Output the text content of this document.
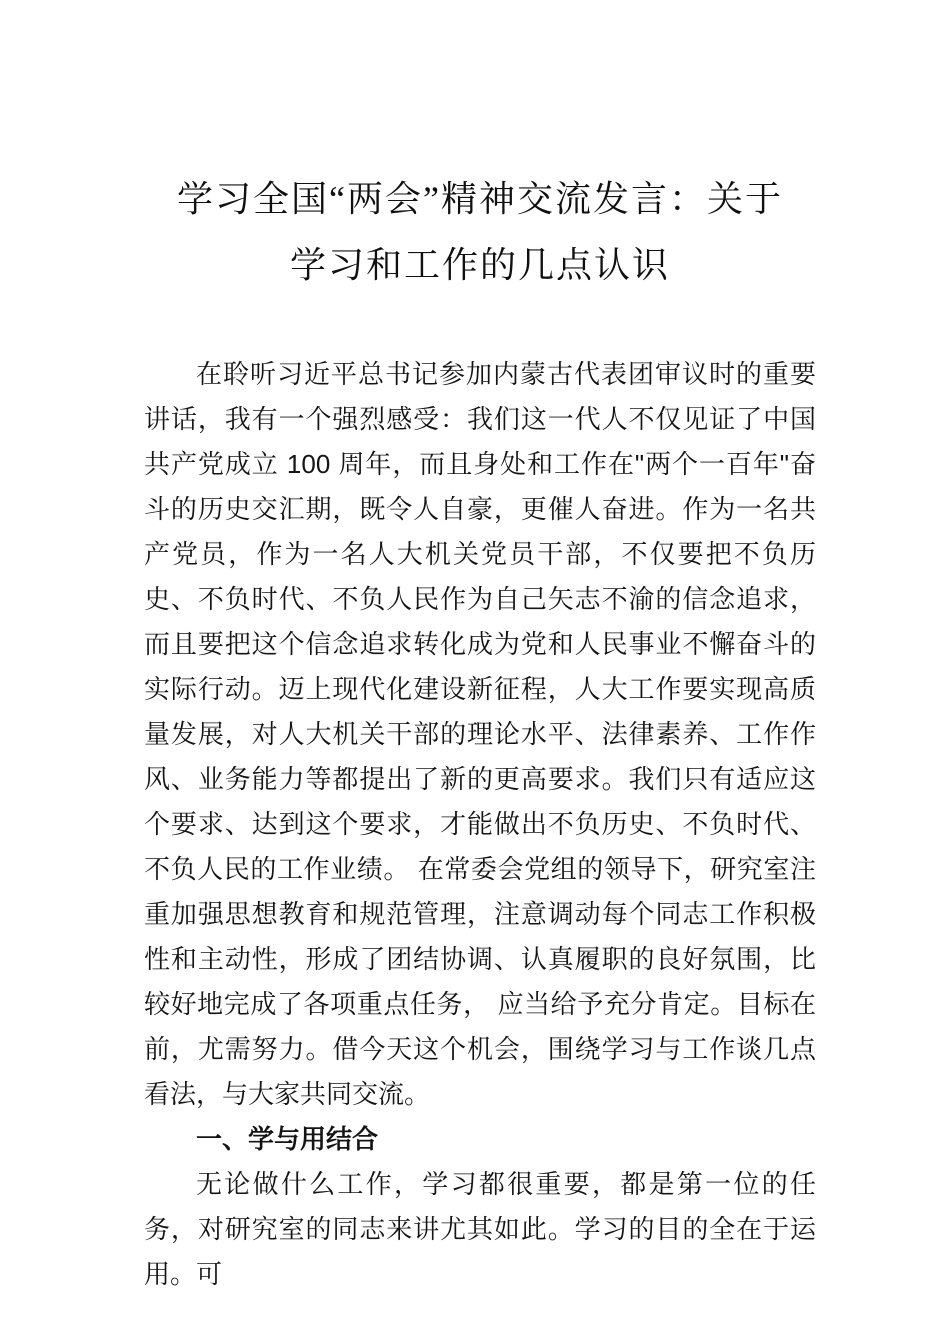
学习全国“两会”精神交流发言：关于
学习和工作的几点认识

在聆听习近平总书记参加内蒙古代表团审议时的重要讲话，我有一个强烈感受：我们这一代人不仅见证了中国共产党成立 100 周年，而且身处和工作在"两个一百年"奋斗的历史交汇期，既令人自豪，更催人奋进。作为一名共产党员，作为一名人大机关党员干部，不仅要把不负历史、不负时代、不负人民作为自己矢志不渝的信念追求，而且要把这个信念追求转化成为党和人民事业不懈奋斗的实际行动。迈上现代化建设新征程，人大工作要实现高质量发展，对人大机关干部的理论水平、法律素养、工作作风、业务能力等都提出了新的更高要求。我们只有适应这个要求、达到这个要求，才能做出不负历史、不负时代、不负人民的工作业绩。 在常委会党组的领导下，研究室注重加强思想教育和规范管理，注意调动每个同志工作积极性和主动性，形成了团结协调、认真履职的良好氛围，比较好地完成了各项重点任务， 应当给予充分肯定。目标在前，尤需努力。借今天这个机会，围绕学习与工作谈几点看法，与大家共同交流。

一、学与用结合

无论做什么工作，学习都很重要，都是第一位的任务，对研究室的同志来讲尤其如此。学习的目的全在于运用。可
